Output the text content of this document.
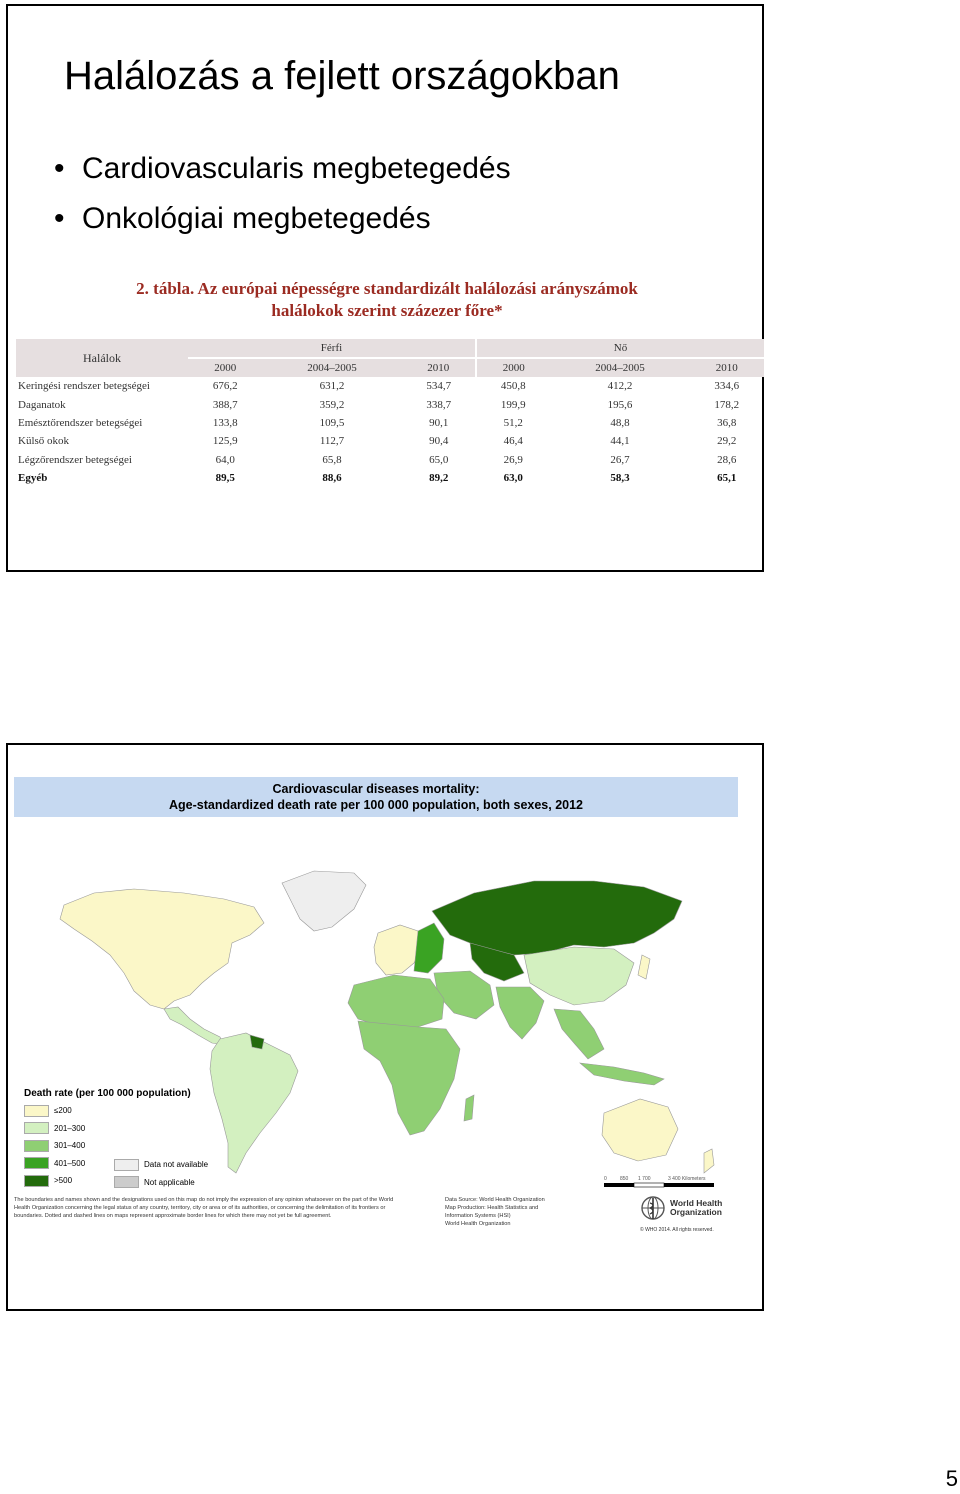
Halálozás a fejlett országokban
• Cardiovascularis megbetegedés
• Onkológiai megbetegedés
2. tábla. Az európai népességre standardizált halálozási arányszámok
halálokok szerint százezer főre*
Halálok	Férfi			Nő		
	2000	2004–2005	2010	2000	2004–2005	2010
Keringési rendszer betegségei	676,2	631,2	534,7	450,8	412,2	334,6
Daganatok	388,7	359,2	338,7	199,9	195,6	178,2
Emésztőrendszer betegségei	133,8	109,5	90,1	51,2	48,8	36,8
Külső okok	125,9	112,7	90,4	46,4	44,1	29,2
Légzőrendszer betegségei	64,0	65,8	65,0	26,9	26,7	28,6
Egyéb	89,5	88,6	89,2	63,0	58,3	65,1
Cardiovascular diseases mortality:
Age-standardized death rate per 100 000 population, both sexes, 2012
Death rate (per 100 000 population)
≤200
201–300
301–400
401–500
>500
Data not available
Not applicable	0	850 1 700	3 400 Kilometers
The boundaries and names shown and the designations used on this map do not imply the expression of any opinion whatsoever on the part of the World Health Organization concerning the legal status of any country, territory, city or area or of its authorities, or concerning the delimitation of its frontiers or boundaries. Dotted and dashed lines on maps represent approximate border lines for which there may not yet be full agreement.
Data Source: World Health Organization
Map Production: Health Statistics and
Information Systems (HSI)
World Health Organization
World Health
Organization
© WHO 2014. All rights reserved.
5
